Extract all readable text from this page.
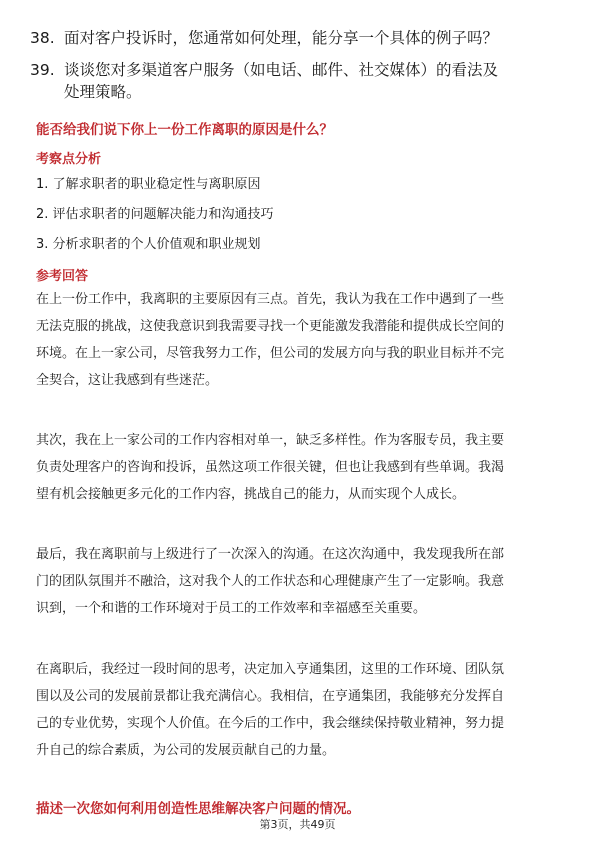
38. 面对客户投诉时，您通常如何处理，能分享一个具体的例子吗？
39. 谈谈您对多渠道客户服务（如电话、邮件、社交媒体）的看法及
处理策略。
能否给我们说下你上一份工作离职的原因是什么？
考察点分析
1. 了解求职者的职业稳定性与离职原因
2. 评估求职者的问题解决能力和沟通技巧
3. 分析求职者的个人价值观和职业规划
参考回答
在上一份工作中，我离职的主要原因有三点。首先，我认为我在工作中遇到了一些
无法克服的挑战，这使我意识到我需要寻找一个更能激发我潜能和提供成长空间的
环境。在上一家公司，尽管我努力工作，但公司的发展方向与我的职业目标并不完
全契合，这让我感到有些迷茫。
其次，我在上一家公司的工作内容相对单一，缺乏多样性。作为客服专员，我主要
负责处理客户的咨询和投诉，虽然这项工作很关键，但也让我感到有些单调。我渴
望有机会接触更多元化的工作内容，挑战自己的能力，从而实现个人成长。
最后，我在离职前与上级进行了一次深入的沟通。在这次沟通中，我发现我所在部
门的团队氛围并不融洽，这对我个人的工作状态和心理健康产生了一定影响。我意
识到，一个和谐的工作环境对于员工的工作效率和幸福感至关重要。
在离职后，我经过一段时间的思考，决定加入亨通集团，这里的工作环境、团队氛
围以及公司的发展前景都让我充满信心。我相信，在亨通集团，我能够充分发挥自
己的专业优势，实现个人价值。在今后的工作中，我会继续保持敬业精神，努力提
升自己的综合素质，为公司的发展贡献自己的力量。
描述一次您如何利用创造性思维解决客户问题的情况。
第3页，共49页
